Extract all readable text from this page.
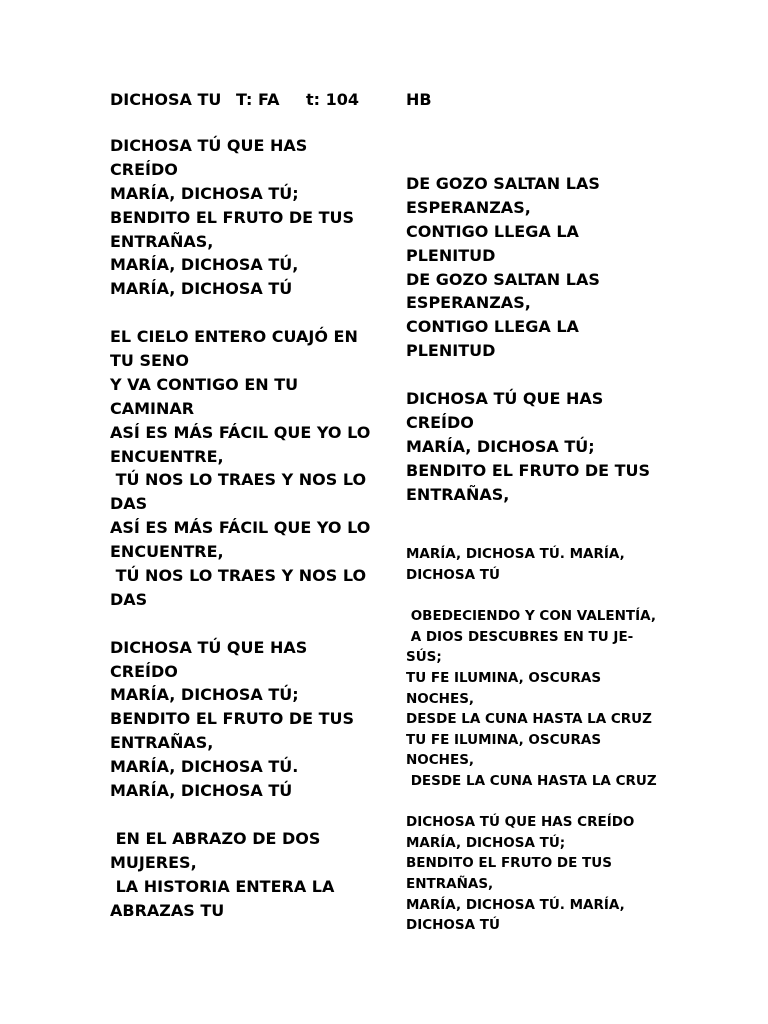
DICHOSA TU

T: FA

t: 104

	HB

DICHOSA TÚ QUE HAS
CREÍDO
MARÍA, DICHOSA TÚ;
BENDITO EL FRUTO DE TUS
ENTRAÑAS,
MARÍA, DICHOSA TÚ,
MARÍA, DICHOSA TÚ
EL CIELO ENTERO CUAJÓ EN
TU SENO
Y VA CONTIGO EN TU
CAMINAR
ASÍ ES MÁS FÁCIL QUE YO LO
ENCUENTRE,
TÚ NOS LO TRAES Y NOS LO
DAS
ASÍ ES MÁS FÁCIL QUE YO LO
ENCUENTRE,
TÚ NOS LO TRAES Y NOS LO
DAS
DICHOSA TÚ QUE HAS
CREÍDO
MARÍA, DICHOSA TÚ;
BENDITO EL FRUTO DE TUS
ENTRAÑAS,
MARÍA, DICHOSA TÚ.
MARÍA, DICHOSA TÚ
EN EL ABRAZO DE DOS
MUJERES,
LA HISTORIA ENTERA LA
ABRAZAS TU

DE GOZO SALTAN LAS
ESPERANZAS,
CONTIGO LLEGA LA
PLENITUD
DE GOZO SALTAN LAS
ESPERANZAS,
CONTIGO LLEGA LA
PLENITUD
DICHOSA TÚ QUE HAS
CREÍDO
MARÍA, DICHOSA TÚ;
BENDITO EL FRUTO DE TUS
ENTRAÑAS,

MARÍA, DICHOSA TÚ. MARÍA,
DICHOSA TÚ
OBEDECIENDO Y CON VALENTÍA,
A DIOS DESCUBRES EN TU JE-
SÚS;
TU FE ILUMINA, OSCURAS
NOCHES,
DESDE LA CUNA HASTA LA CRUZ
TU FE ILUMINA, OSCURAS
NOCHES,
DESDE LA CUNA HASTA LA CRUZ
DICHOSA TÚ QUE HAS CREÍDO
MARÍA, DICHOSA TÚ;
BENDITO EL FRUTO DE TUS
ENTRAÑAS,
MARÍA, DICHOSA TÚ. MARÍA,
DICHOSA TÚ
